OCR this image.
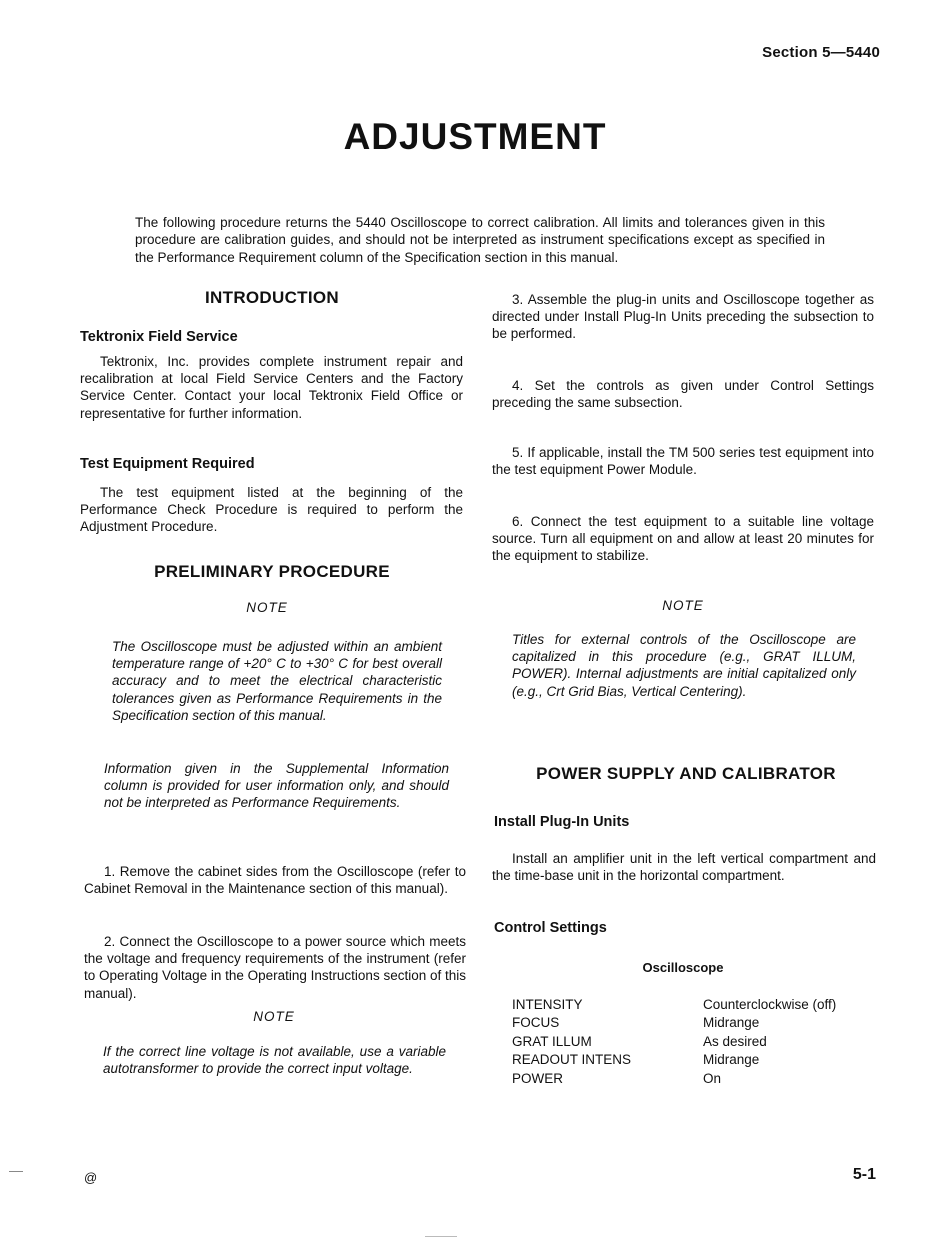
Section 5—5440
ADJUSTMENT
The following procedure returns the 5440 Oscilloscope to correct calibration. All limits and tolerances given in this procedure are calibration guides, and should not be interpreted as instrument specifications except as specified in the Performance Requirement column of the Specification section in this manual.
INTRODUCTION
Tektronix Field Service

Tektronix, Inc. provides complete instrument repair and recalibration at local Field Service Centers and the Factory Service Center. Contact your local Tektronix Field Office or representative for further information.

Test Equipment Required

The test equipment listed at the beginning of the Performance Check Procedure is required to perform the Adjustment Procedure.

PRELIMINARY PROCEDURE
NOTE
The Oscilloscope must be adjusted within an ambient temperature range of +20° C to +30° C for best overall accuracy and to meet the electrical characteristic tolerances given as Performance Requirements in the Specification section of this manual.
Information given in the Supplemental Information column is provided for user information only, and should not be interpreted as Performance Requirements.

1. Remove the cabinet sides from the Oscilloscope (refer to Cabinet Removal in the Maintenance section of this manual).

2. Connect the Oscilloscope to a power source which meets the voltage and frequency requirements of the instrument (refer to Operating Voltage in the Operating Instructions section of this manual).

NOTE
If the correct line voltage is not available, use a variable autotransformer to provide the correct input voltage.

3. Assemble the plug-in units and Oscilloscope together as directed under Install Plug-In Units preceding the subsection to be performed.

4. Set the controls as given under Control Settings preceding the same subsection.

5. If applicable, install the TM 500 series test equipment into the test equipment Power Module.

6. Connect the test equipment to a suitable line voltage source. Turn all equipment on and allow at least 20 minutes for the equipment to stabilize.

NOTE
Titles for external controls of the Oscilloscope are capitalized in this procedure (e.g., GRAT ILLUM, POWER). Internal adjustments are initial capitalized only (e.g., Crt Grid Bias, Vertical Centering).
POWER SUPPLY AND CALIBRATOR
Install Plug-In Units

Install an amplifier unit in the left vertical compartment and the time-base unit in the horizontal compartment.

Control Settings
Oscilloscope
INTENSITY	Counterclockwise (off)
FOCUS	Midrange
GRAT ILLUM	As desired
READOUT INTENS	Midrange
POWER	On
@	5-1
